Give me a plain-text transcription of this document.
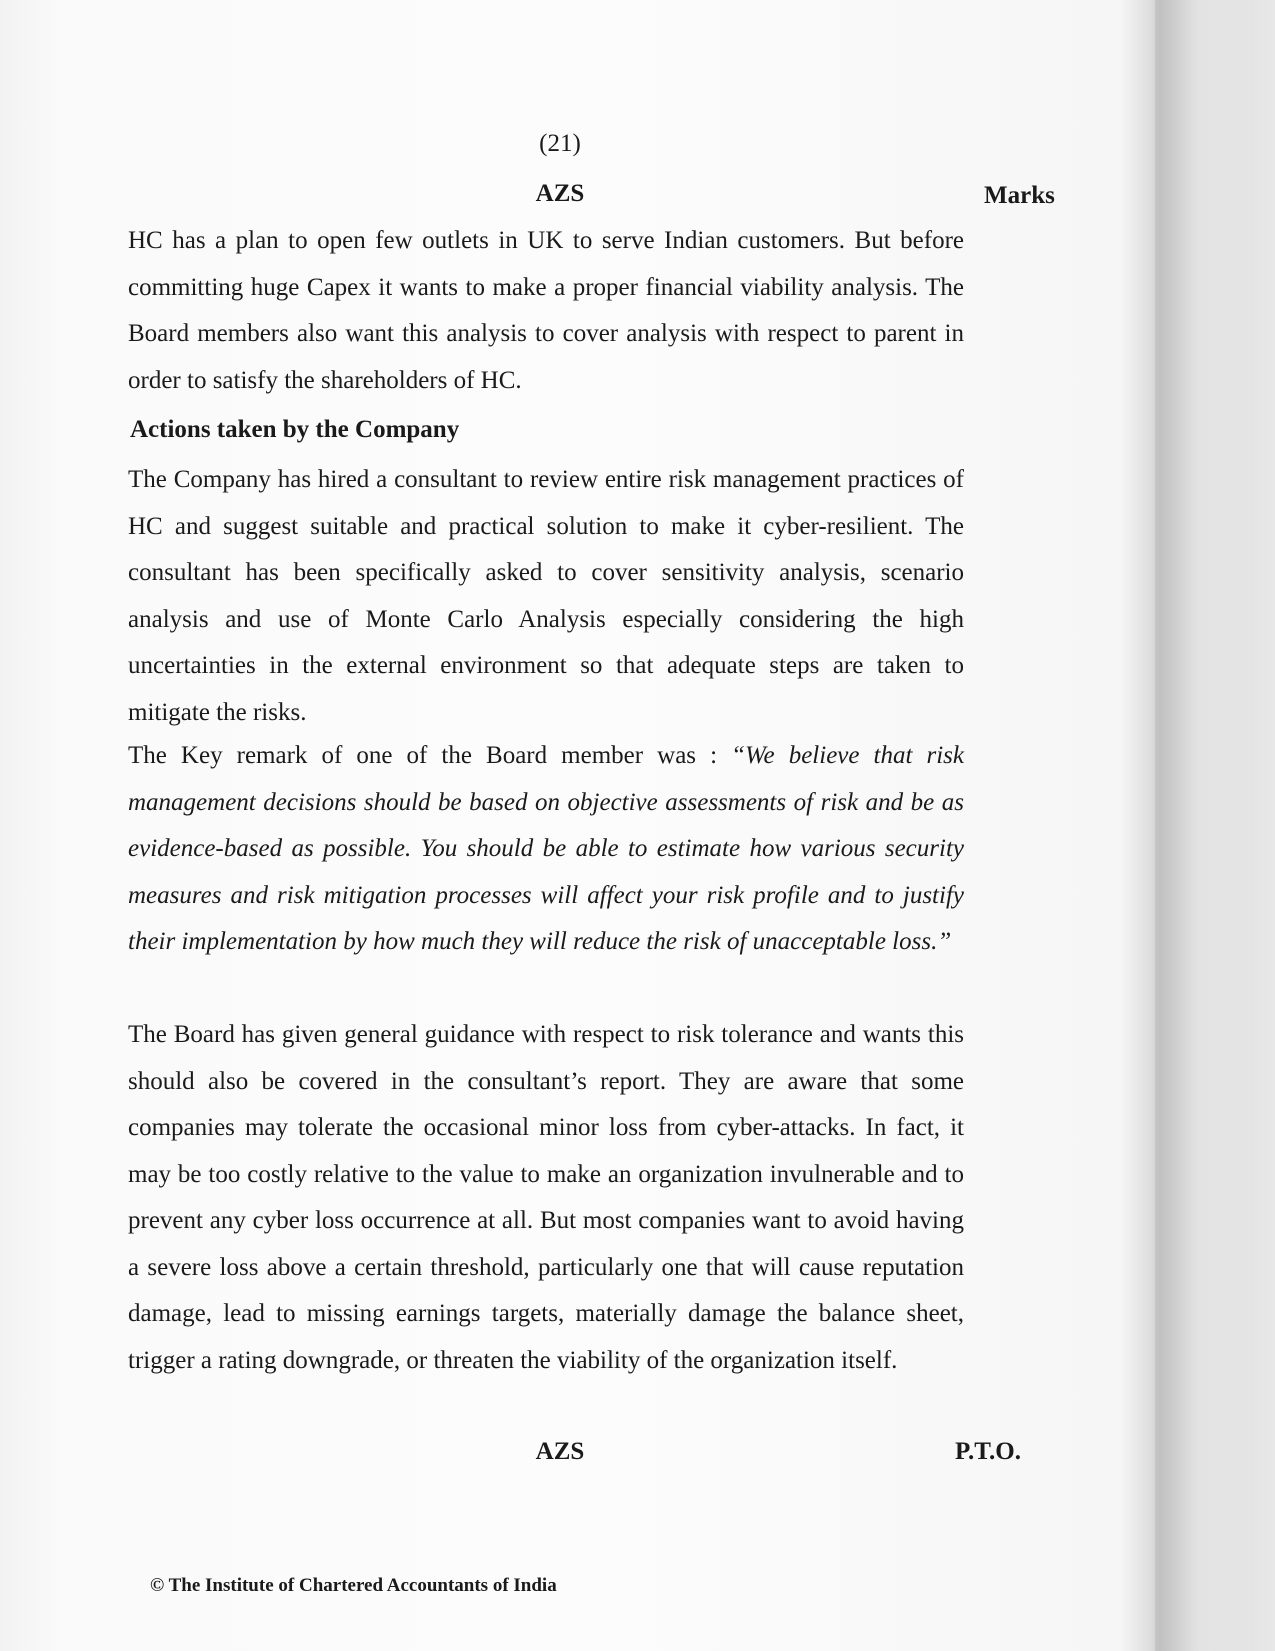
(21)
AZS	Marks

HC has a plan to open few outlets in UK to serve Indian customers. But before committing huge Capex it wants to make a proper financial viability analysis. The Board members also want this analysis to cover analysis with respect to parent in order to satisfy the shareholders of HC.

Actions taken by the Company

The Company has hired a consultant to review entire risk management practices of HC and suggest suitable and practical solution to make it cyber-resilient. The consultant has been specifically asked to cover sensitivity analysis, scenario analysis and use of Monte Carlo Analysis especially considering the high uncertainties in the external environment so that adequate steps are taken to mitigate the risks.

The Key remark of one of the Board member was : “We believe that risk management decisions should be based on objective assessments of risk and be as evidence-based as possible. You should be able to estimate how various security measures and risk mitigation processes will affect your risk profile and to justify their implementation by how much they will reduce the risk of unacceptable loss.”

The Board has given general guidance with respect to risk tolerance and wants this should also be covered in the consultant’s report. They are aware that some companies may tolerate the occasional minor loss from cyber-attacks. In fact, it may be too costly relative to the value to make an organization invulnerable and to prevent any cyber loss occurrence at all. But most companies want to avoid having a severe loss above a certain threshold, particularly one that will cause reputation damage, lead to missing earnings targets, materially damage the balance sheet, trigger a rating downgrade, or threaten the viability of the organization itself.

AZS	P.T.O.
© The Institute of Chartered Accountants of India
